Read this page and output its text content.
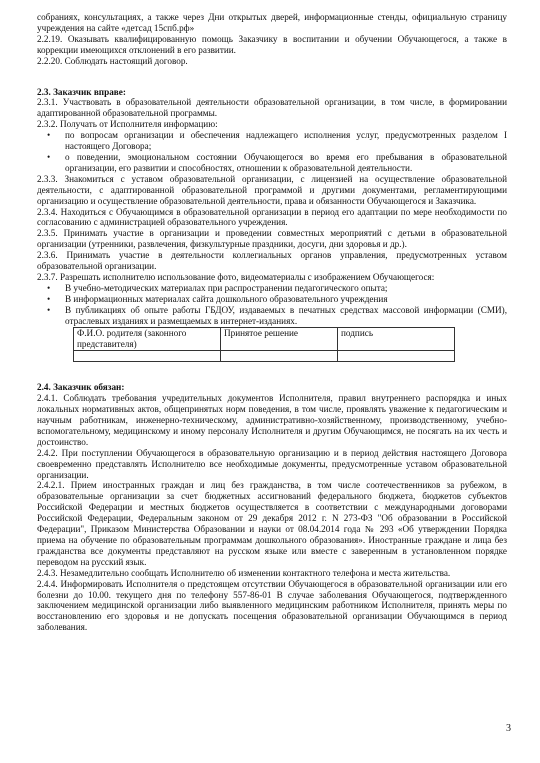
собраниях, консультациях, а также через Дни открытых дверей, информационные стенды, официальную страницу учреждения на сайте «детсад 15спб.рф»

2.2.19. Оказывать квалифицированную помощь Заказчику в воспитании и обучении Обучающегося, а также в коррекции имеющихся отклонений в его развитии.

2.2.20. Соблюдать настоящий договор.

2.3. Заказчик вправе:

2.3.1. Участвовать в образовательной деятельности образовательной организации, в том числе, в формировании адаптированной образовательной программы.

2.3.2. Получать от Исполнителя информацию:

• по вопросам организации и обеспечения надлежащего исполнения услуг, предусмотренных разделом I настоящего Договора;
• о поведении, эмоциональном состоянии Обучающегося во время его пребывания в образовательной организации, его развитии и способностях, отношении к образовательной деятельности.

2.3.3. Знакомиться с уставом образовательной организации, с лицензией на осуществление образовательной деятельности, с адаптированной образовательной программой и другими документами, регламентирующими организацию и осуществление образовательной деятельности, права и обязанности Обучающегося и Заказчика.

2.3.4. Находиться с Обучающимся в образовательной организации в период его адаптации по мере необходимости по согласованию с администрацией образовательного учреждения.

2.3.5. Принимать участие в организации и проведении совместных мероприятий с детьми в образовательной организации (утренники, развлечения, физкультурные праздники, досуги, дни здоровья и др.).

2.3.6. Принимать участие в деятельности коллегиальных органов управления, предусмотренных уставом образовательной организации.

2.3.7. Разрешать исполнителю использование фото, видеоматериалы с изображением Обучающегося:

• В учебно-методических материалах при распространении педагогического опыта;
• В информационных материалах сайта дошкольного образовательного учреждения
• В публикациях об опыте работы ГБДОУ, издаваемых в печатных средствах массовой информации (СМИ), отраслевых изданиях и размещаемых в интернет-изданиях.
Ф.И.О. родителя (законного представителя)	Принятое решение	подпись

2.4. Заказчик обязан:

2.4.1. Соблюдать требования учредительных документов Исполнителя, правил внутреннего распорядка и иных локальных нормативных актов, общепринятых норм поведения, в том числе, проявлять уважение к педагогическим и научным работникам, инженерно-техническому, административно-хозяйственному, производственному, учебно-вспомогательному, медицинскому и иному персоналу Исполнителя и другим Обучающимся, не посягать на их честь и достоинство.

2.4.2. При поступлении Обучающегося в образовательную организацию и в период действия настоящего Договора своевременно представлять Исполнителю все необходимые документы, предусмотренные уставом образовательной организации.

2.4.2.1. Прием иностранных граждан и лиц без гражданства, в том числе соотечественников за рубежом, в образовательные организации за счет бюджетных ассигнований федерального бюджета, бюджетов субъектов Российской Федерации и местных бюджетов осуществляется в соответствии с международными договорами Российской Федерации, Федеральным законом от 29 декабря 2012 г. N 273-ФЗ "Об образовании в Российской Федерации", Приказом Министерства Образовании и науки от 08.04.2014 года № 293 «Об утверждении Порядка приема на обучение по образовательным программам дошкольного образования». Иностранные граждане и лица без гражданства все документы представляют на русском языке или вместе с заверенным в установленном порядке переводом на русский язык.

2.4.3. Незамедлительно сообщать Исполнителю об изменении контактного телефона и места жительства.

2.4.4. Информировать Исполнителя о предстоящем отсутствии Обучающегося в образовательной организации или его болезни до 10.00. текущего дня по телефону 557-86-01 В случае заболевания Обучающегося, подтвержденного заключением медицинской организации либо выявленного медицинским работником Исполнителя, принять меры по восстановлению его здоровья и не допускать посещения образовательной организации Обучающимся в период заболевания.

3
